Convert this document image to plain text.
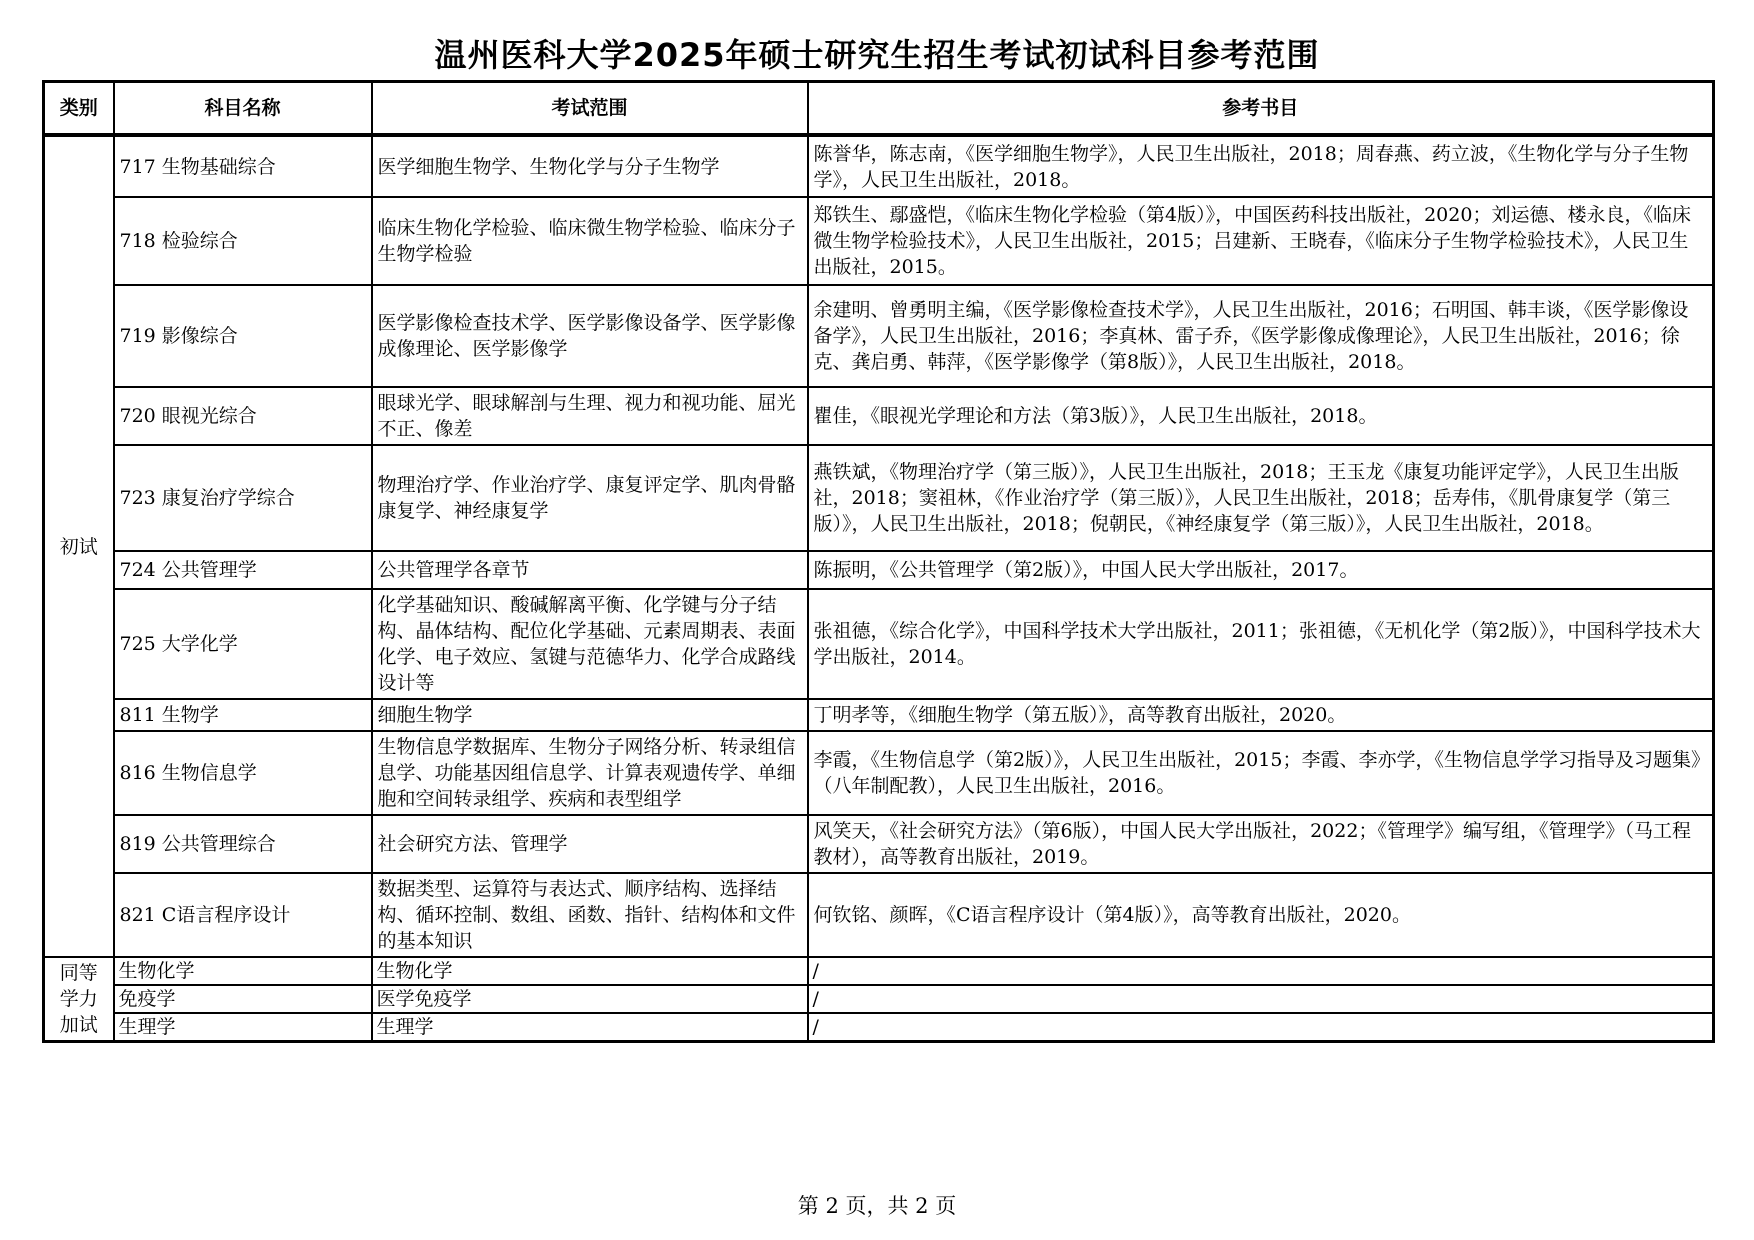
温州医科大学2025年硕士研究生招生考试初试科目参考范围
类别	科目名称	考试范围	参考书目
初试	717 生物基础综合	医学细胞生物学、生物化学与分子生物学	陈誉华，陈志南，《医学细胞生物学》，人民卫生出版社，2018；周春燕、药立波，《生物化学与分子生物学》，人民卫生出版社，2018。
	718 检验综合	临床生物化学检验、临床微生物学检验、临床分子生物学检验	郑铁生、鄢盛恺，《临床生物化学检验（第4版）》，中国医药科技出版社，2020；刘运德、楼永良，《临床微生物学检验技术》，人民卫生出版社，2015；吕建新、王晓春，《临床分子生物学检验技术》，人民卫生出版社，2015。
	719 影像综合	医学影像检查技术学、医学影像设备学、医学影像成像理论、医学影像学	余建明、曾勇明主编，《医学影像检查技术学》，人民卫生出版社，2016；石明国、韩丰谈，《医学影像设备学》，人民卫生出版社，2016；李真林、雷子乔，《医学影像成像理论》，人民卫生出版社，2016；徐克、龚启勇、韩萍，《医学影像学（第8版）》，人民卫生出版社，2018。
	720 眼视光综合	眼球光学、眼球解剖与生理、视力和视功能、屈光不正、像差	瞿佳，《眼视光学理论和方法（第3版）》，人民卫生出版社，2018。
	723 康复治疗学综合	物理治疗学、作业治疗学、康复评定学、肌肉骨骼康复学、神经康复学	燕铁斌，《物理治疗学（第三版）》，人民卫生出版社，2018；王玉龙《康复功能评定学》，人民卫生出版社，2018；窦祖林，《作业治疗学（第三版）》，人民卫生出版社，2018；岳寿伟，《肌骨康复学（第三版）》，人民卫生出版社，2018；倪朝民，《神经康复学（第三版）》，人民卫生出版社，2018。
	724 公共管理学	公共管理学各章节	陈振明，《公共管理学（第2版）》，中国人民大学出版社，2017。
	725 大学化学	化学基础知识、酸碱解离平衡、化学键与分子结构、晶体结构、配位化学基础、元素周期表、表面化学、电子效应、氢键与范德华力、化学合成路线设计等	张祖德，《综合化学》，中国科学技术大学出版社，2011；张祖德，《无机化学（第2版）》，中国科学技术大学出版社，2014。
	811 生物学	细胞生物学	丁明孝等，《细胞生物学（第五版）》，高等教育出版社，2020。
	816 生物信息学	生物信息学数据库、生物分子网络分析、转录组信息学、功能基因组信息学、计算表观遗传学、单细胞和空间转录组学、疾病和表型组学	李霞，《生物信息学（第2版）》，人民卫生出版社，2015；李霞、李亦学，《生物信息学学习指导及习题集》（八年制配教），人民卫生出版社，2016。
	819 公共管理综合	社会研究方法、管理学	风笑天，《社会研究方法》（第6版），中国人民大学出版社，2022；《管理学》编写组，《管理学》（马工程教材），高等教育出版社，2019。
	821 C语言程序设计	数据类型、运算符与表达式、顺序结构、选择结构、循环控制、数组、函数、指针、结构体和文件的基本知识	何钦铭、颜晖，《C语言程序设计（第4版）》，高等教育出版社，2020。
同等学力加试	生物化学	生物化学	/
	免疫学	医学免疫学	/
	生理学	生理学	/
第 2 页，共 2 页
